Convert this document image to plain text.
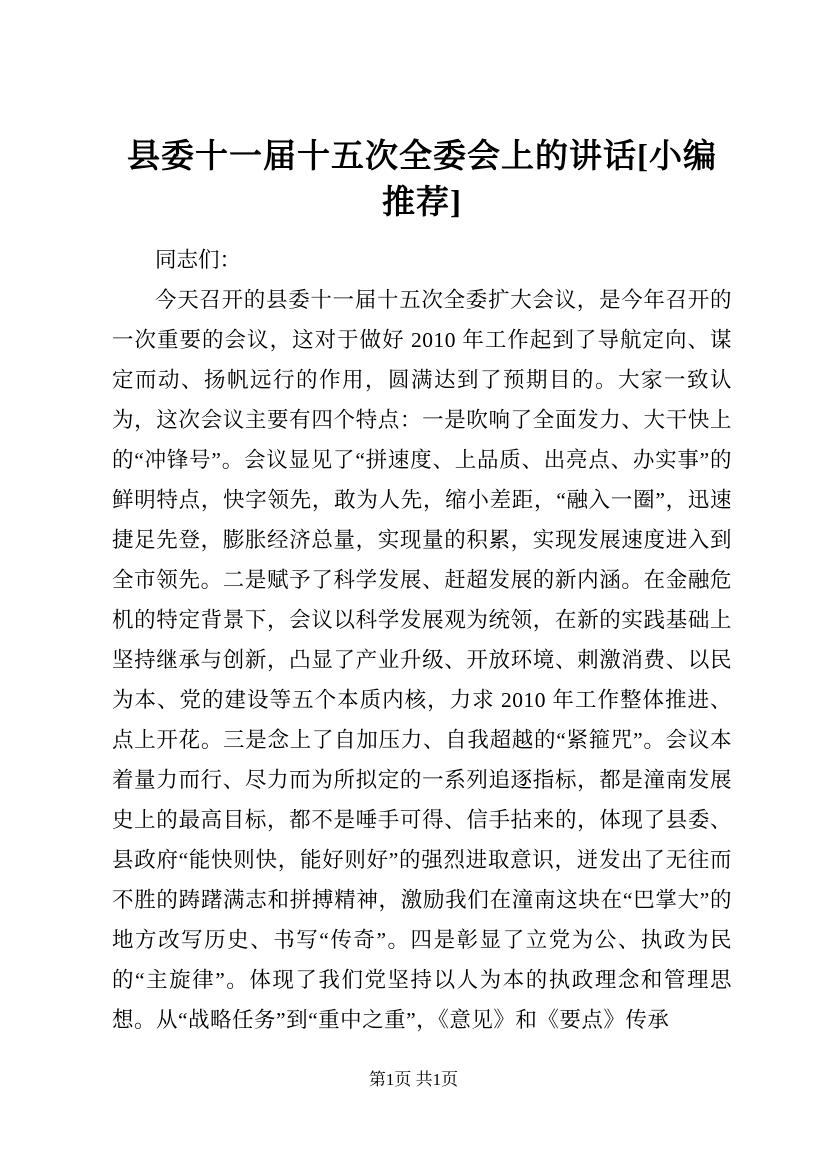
县委十一届十五次全委会上的讲话[小编推荐]

同志们：

今天召开的县委十一届十五次全委扩大会议，是今年召开的一次重要的会议，这对于做好 2010 年工作起到了导航定向、谋定而动、扬帆远行的作用，圆满达到了预期目的。大家一致认为，这次会议主要有四个特点：一是吹响了全面发力、大干快上的“冲锋号”。会议显见了“拼速度、上品质、出亮点、办实事”的鲜明特点，快字领先，敢为人先，缩小差距，“融入一圈”，迅速捷足先登，膨胀经济总量，实现量的积累，实现发展速度进入到全市领先。二是赋予了科学发展、赶超发展的新内涵。在金融危机的特定背景下，会议以科学发展观为统领，在新的实践基础上坚持继承与创新，凸显了产业升级、开放环境、刺激消费、以民为本、党的建设等五个本质内核，力求 2010 年工作整体推进、点上开花。三是念上了自加压力、自我超越的“紧箍咒”。会议本着量力而行、尽力而为所拟定的一系列追逐指标，都是潼南发展史上的最高目标，都不是唾手可得、信手拈来的，体现了县委、县政府“能快则快，能好则好”的强烈进取意识，迸发出了无往而不胜的踌躇满志和拼搏精神，激励我们在潼南这块在“巴掌大”的地方改写历史、书写“传奇”。四是彰显了立党为公、执政为民的“主旋律”。体现了我们党坚持以人为本的执政理念和管理思想。从“战略任务”到“重中之重”，《意见》和《要点》传承

第1页 共1页
